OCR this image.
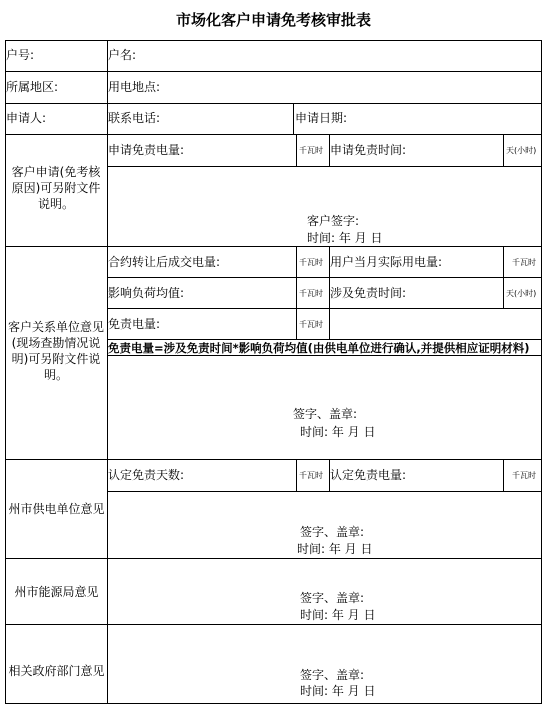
市场化客户申请免考核审批表
户号:	户名:
所属地区:	用电地点:
申请人:	联系电话:	申请日期:
客户申请(免考核原因)可另附文件说明。
申请免责电量:	千瓦时 申请免责时间:	天(小时)
客户签字:
时间: 年 月 日
客户关系单位意见(现场查勘情况说明)可另附文件说明。
合约转让后成交电量:	千瓦时 用户当月实际用电量:	千瓦时
影响负荷均值:	千瓦时 涉及免责时间:	天(小时)
免责电量:	千瓦时
免责电量=涉及免责时间*影响负荷均值(由供电单位进行确认,并提供相应证明材料)
签字、盖章:
时间: 年 月 日
州市供电单位意见
认定免责天数:	千瓦时 认定免责电量:	千瓦时
签字、盖章:
时间: 年 月 日
州市能源局意见	签字、盖章:
时间: 年 月 日
相关政府部门意见	签字、盖章:
时间: 年 月 日
